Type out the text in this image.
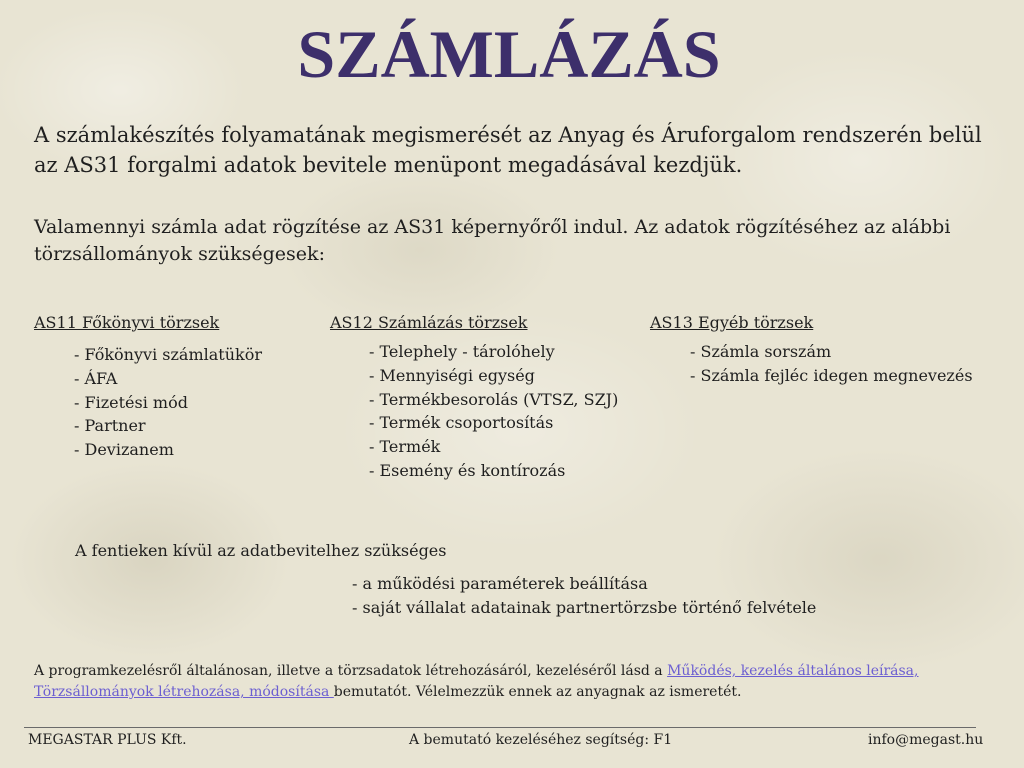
SZÁMLÁZÁS

A számlakészítés folyamatának megismerését az Anyag és Áruforgalom rendszerén belül az AS31 forgalmi adatok bevitele menüpont megadásával kezdjük.

Valamennyi számla adat rögzítése az AS31 képernyőről indul. Az adatok rögzítéséhez az alábbi törzsállományok szükségesek:

AS11 Főkönyvi törzsek
- Főkönyvi számlatükör
- ÁFA
- Fizetési mód
- Partner
- Devizanem
AS12 Számlázás törzsek
- Telephely - tárolóhely
- Mennyiségi egység
- Termékbesorolás (VTSZ, SZJ)
- Termék csoportosítás
- Termék
- Esemény és kontírozás
AS13 Egyéb törzsek
- Számla sorszám
- Számla fejléc idegen megnevezés

A fentieken kívül az adatbevitelhez szükséges

- a működési paraméterek beállítása
- saját vállalat adatainak partnertörzsbe történő felvétele

A programkezelésről általánosan, illetve a törzsadatok létrehozásáról, kezeléséről lásd a Működés, kezelés általános leírása, Törzsállományok létrehozása, módosítása bemutatót. Vélelmezzük ennek az anyagnak az ismeretét.

MEGASTAR PLUS Kft.	A bemutató kezeléséhez segítség: F1	info@megast.hu
